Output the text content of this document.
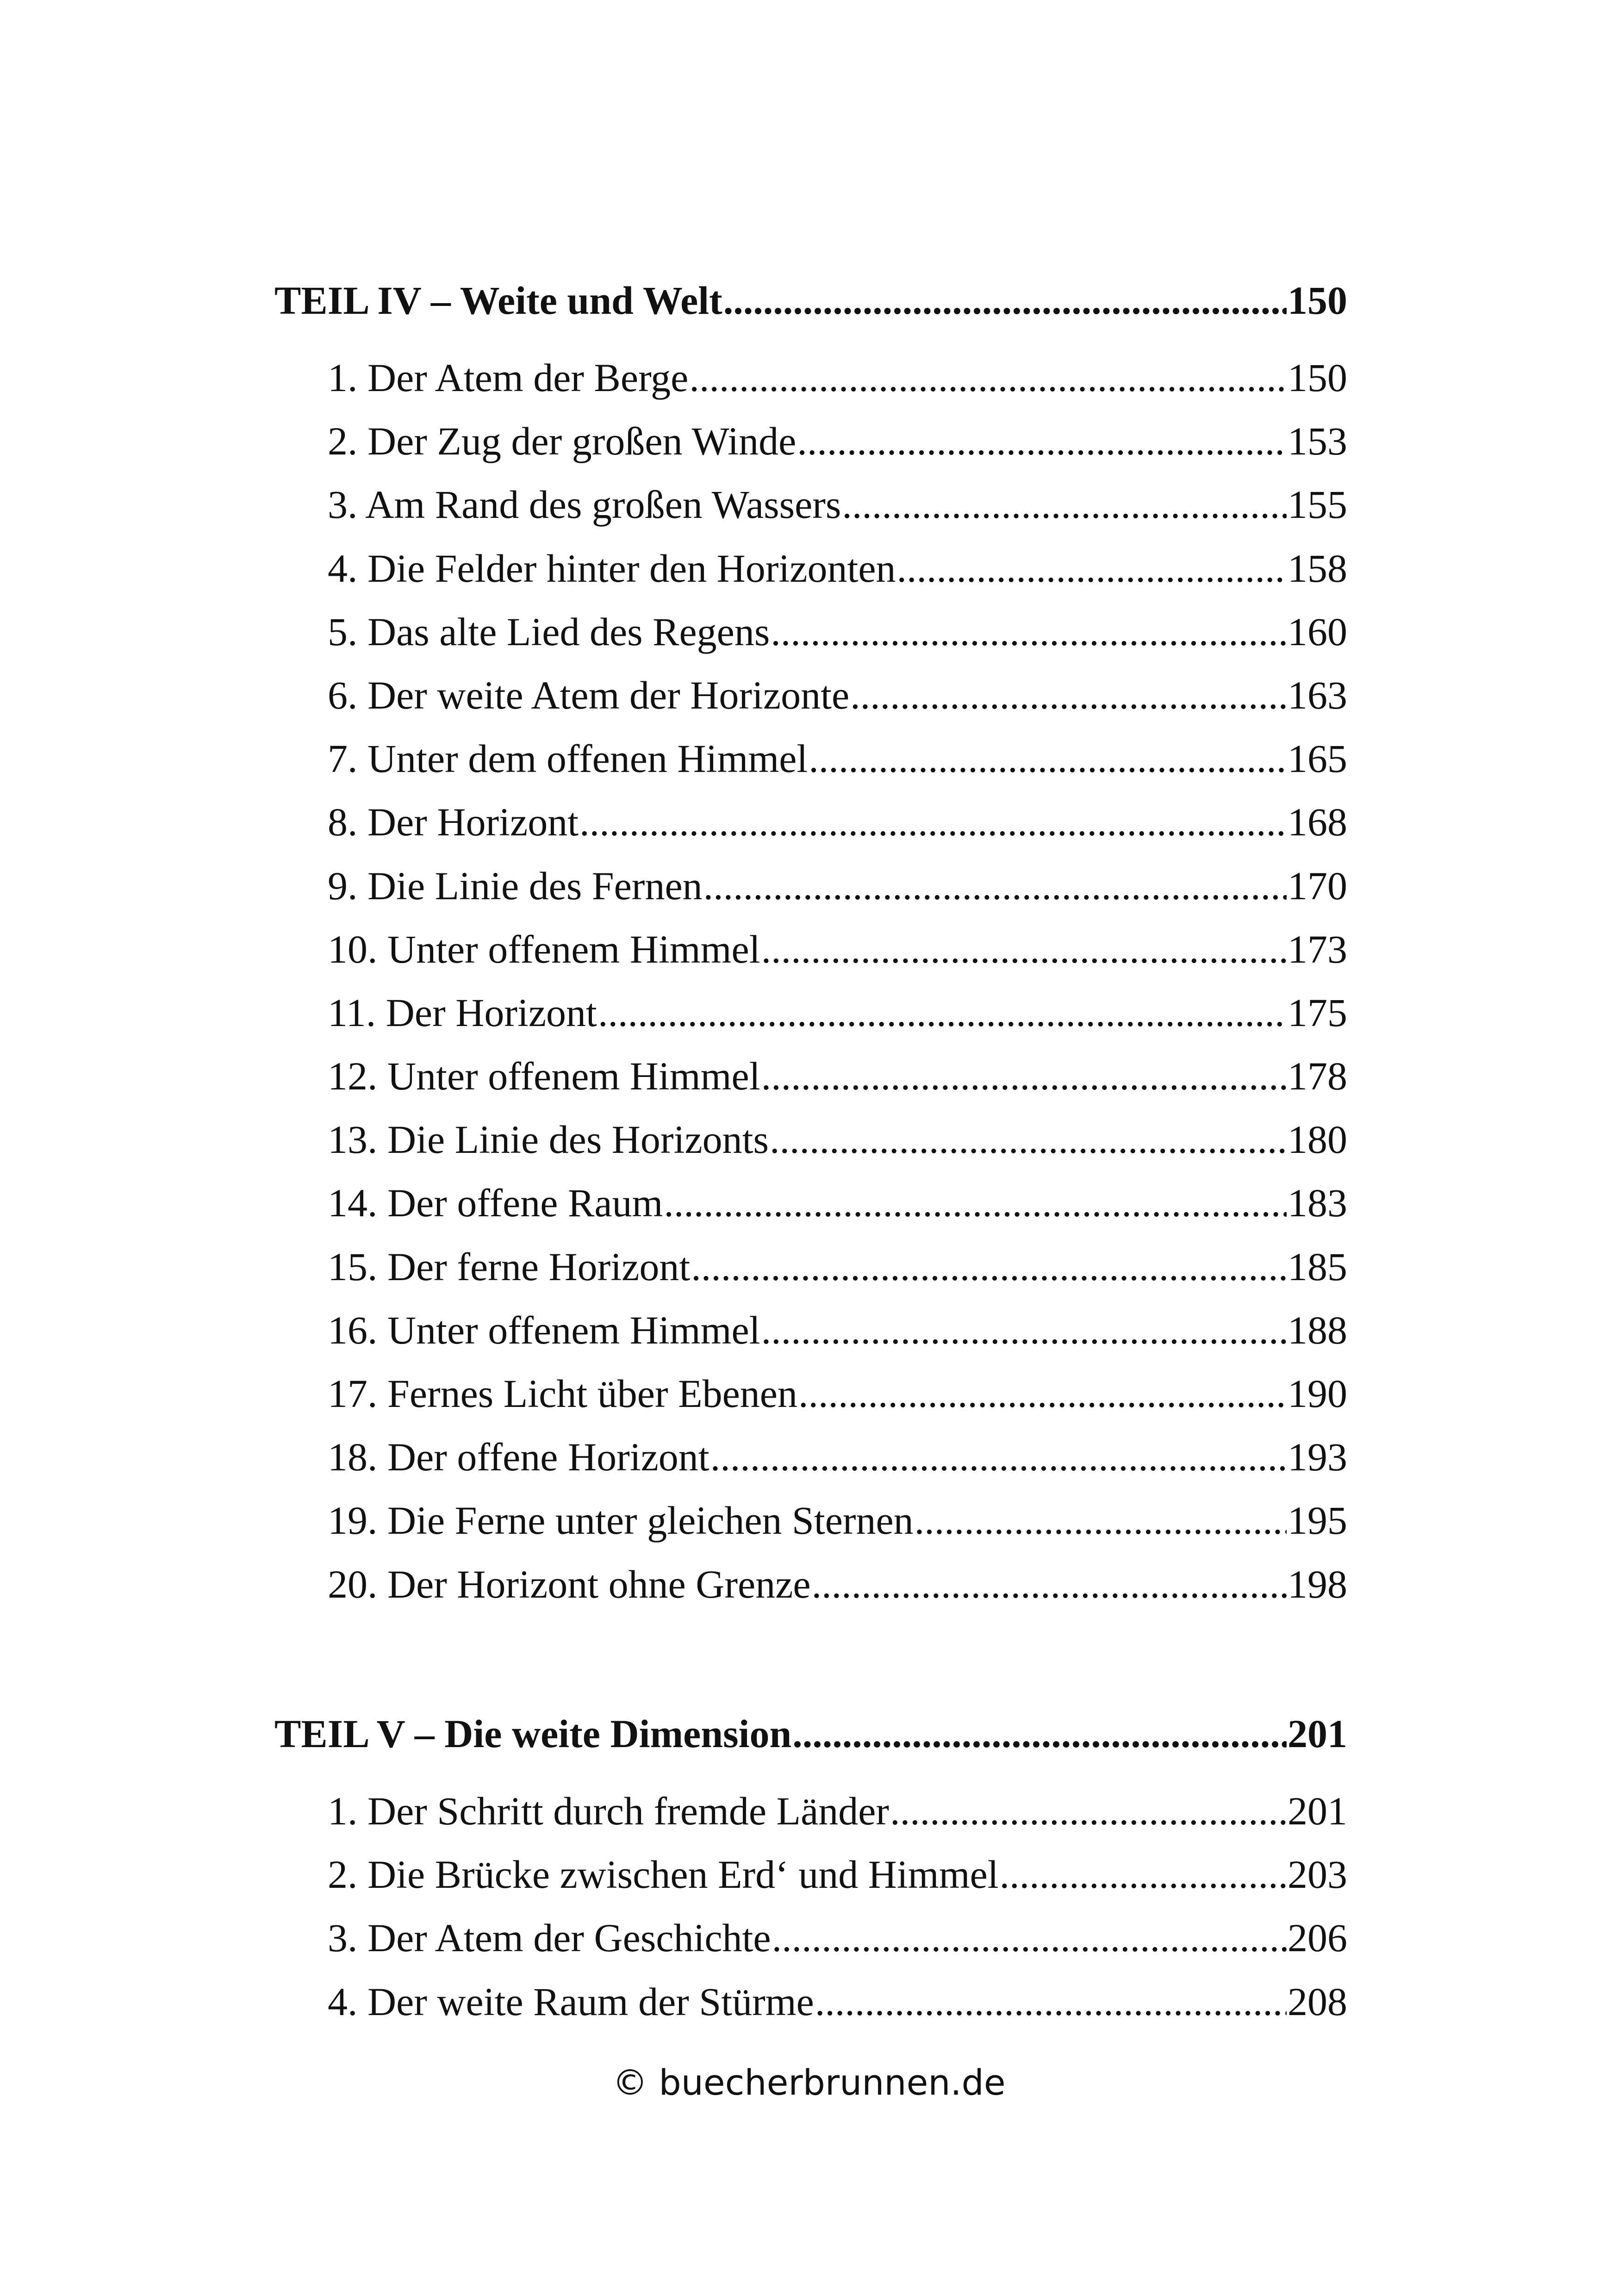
TEIL IV – Weite und Welt .....	150
1. Der Atem der Berge .....	150
2. Der Zug der großen Winde .....	153
3. Am Rand des großen Wassers .....	155
4. Die Felder hinter den Horizonten .....	158
5. Das alte Lied des Regens .....	160
6. Der weite Atem der Horizonte .....	163
7. Unter dem offenen Himmel .....	165
8. Der Horizont .....	168
9. Die Linie des Fernen .....	170
10. Unter offenem Himmel .....	173
11. Der Horizont .....	175
12. Unter offenem Himmel .....	178
13. Die Linie des Horizonts .....	180
14. Der offene Raum .....	183
15. Der ferne Horizont .....	185
16. Unter offenem Himmel .....	188
17. Fernes Licht über Ebenen .....	190
18. Der offene Horizont .....	193
19. Die Ferne unter gleichen Sternen .....	195
20. Der Horizont ohne Grenze .....	198
TEIL V – Die weite Dimension .....	201
1. Der Schritt durch fremde Länder .....	201
2. Die Brücke zwischen Erd‘ und Himmel .....	203
3. Der Atem der Geschichte .....	206
4. Der weite Raum der Stürme .....	208
© buecherbrunnen.de
